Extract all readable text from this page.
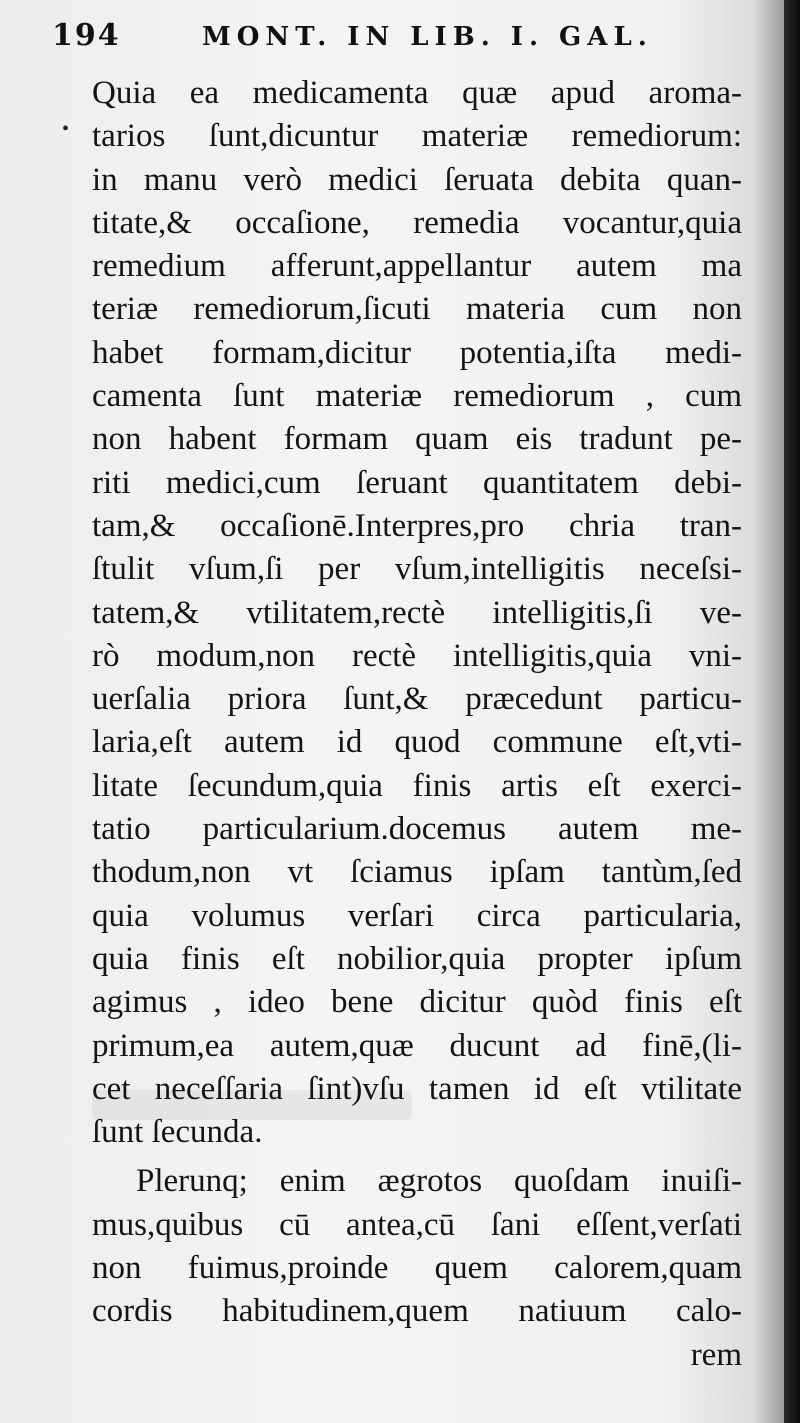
194	MONT. IN LIB. I. GAL.
•
Quia ea medicamenta quæ apud aroma-
tarios ſunt,dicuntur materiæ remediorum:
in manu verò medici ſeruata debita quan-
titate,& occaſione, remedia vocantur,quia
remedium afferunt,appellantur autem ma
teriæ remediorum,ſicuti materia cum non
habet formam,dicitur potentia,iſta medi-
camenta ſunt materiæ remediorum , cum
non habent formam quam eis tradunt pe-
riti medici,cum ſeruant quantitatem debi-
tam,& occaſionē.Interpres,pro chria tran-
ſtulit vſum,ſi per vſum,intelligitis neceſsi-
tatem,& vtilitatem,rectè intelligitis,ſi ve-
rò modum,non rectè intelligitis,quia vni-
uerſalia priora ſunt,& præcedunt particu-
laria,eſt autem id quod commune eſt,vti-
litate ſecundum,quia finis artis eſt exerci-
tatio particularium.docemus autem me-
thodum,non vt ſciamus ipſam tantùm,ſed
quia volumus verſari circa particularia,
quia finis eſt nobilior,quia propter ipſum
agimus , ideo bene dicitur quòd finis eſt
primum,ea autem,quæ ducunt ad finē,(li-
cet neceſſaria ſint)vſu tamen id eſt vtilitate
ſunt ſecunda.
Plerunq; enim ægrotos quoſdam inuiſi-
mus,quibus cū antea,cū ſani eſſent,verſati
non fuimus,proinde quem calorem,quam
cordis habitudinem,quem natiuum calo-
rem
